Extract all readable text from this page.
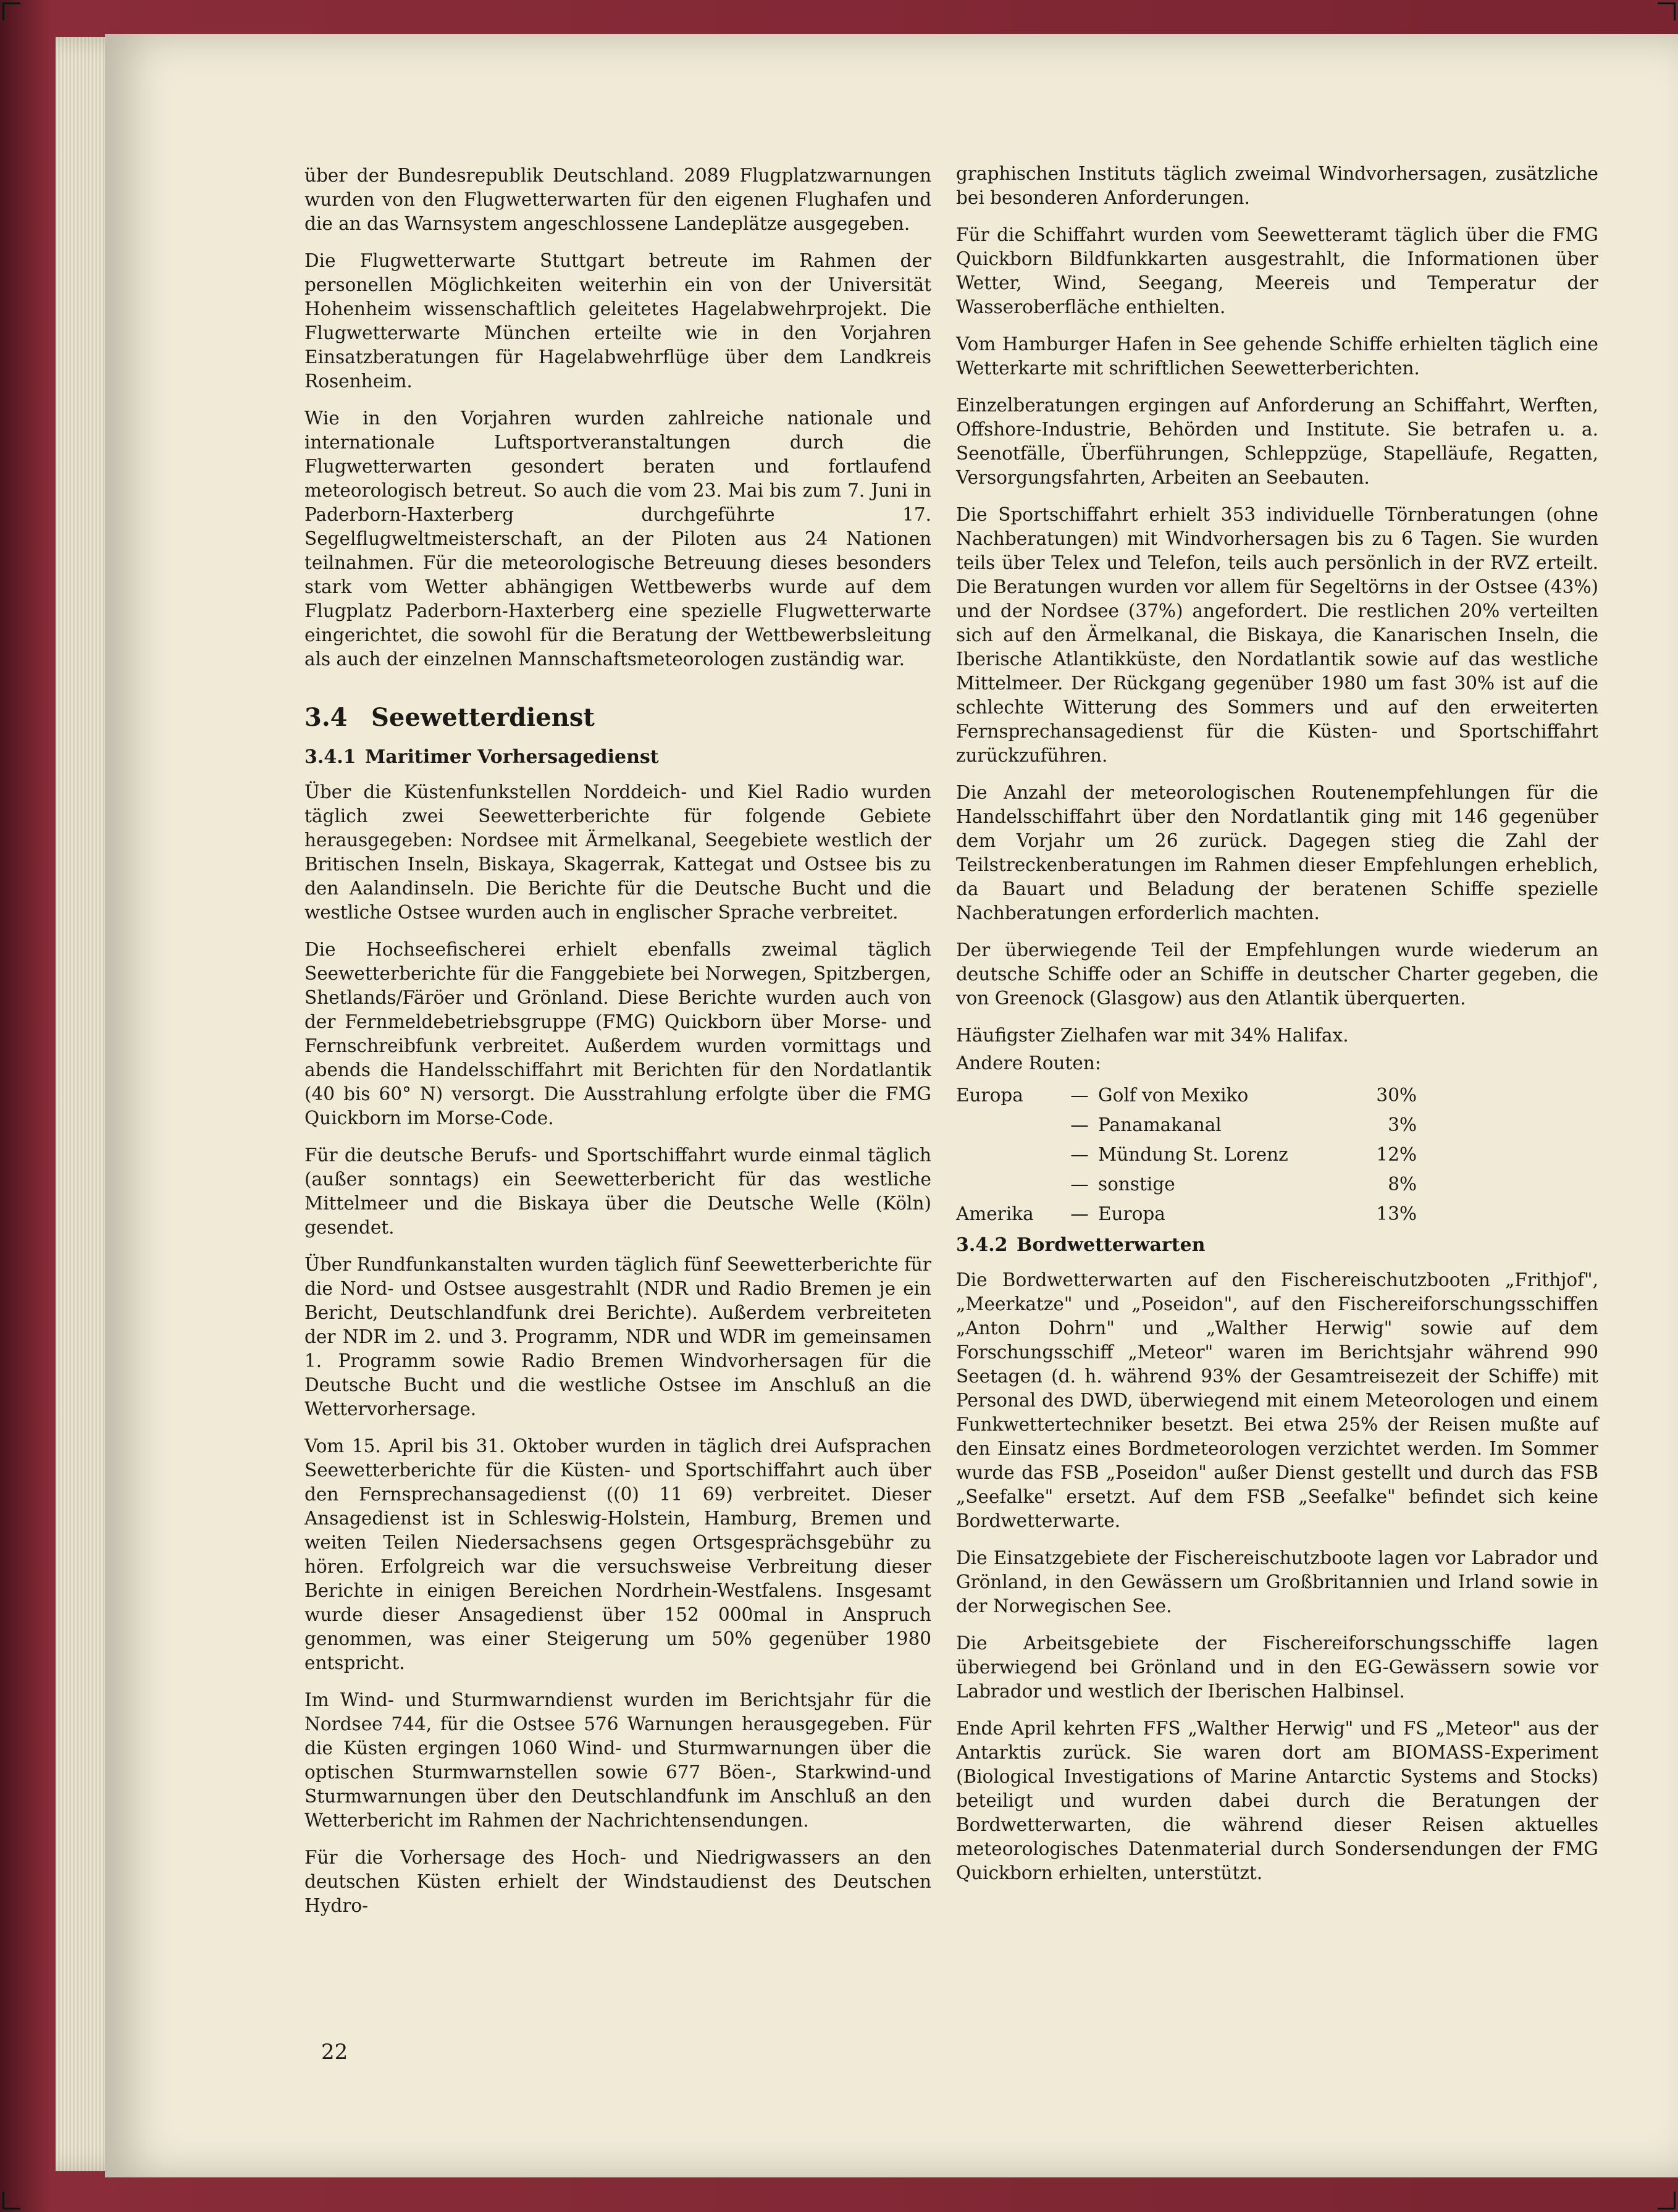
über der Bundesrepublik Deutschland. 2089 Flugplatzwarnungen wurden von den Flugwetterwarten für den eigenen Flughafen und die an das Warnsystem angeschlossene Landeplätze ausgegeben.

Die Flugwetterwarte Stuttgart betreute im Rahmen der personellen Möglichkeiten weiterhin ein von der Universität Hohenheim wissenschaftlich geleitetes Hagelabwehrprojekt. Die Flugwetterwarte München erteilte wie in den Vorjahren Einsatzberatungen für Hagelabwehrflüge über dem Landkreis Rosenheim.

Wie in den Vorjahren wurden zahlreiche nationale und internationale Luftsportveranstaltungen durch die Flugwetterwarten gesondert beraten und fortlaufend meteorologisch betreut. So auch die vom 23. Mai bis zum 7. Juni in Paderborn-Haxterberg durchgeführte 17. Segelflugweltmeisterschaft, an der Piloten aus 24 Nationen teilnahmen. Für die meteorologische Betreuung dieses besonders stark vom Wetter abhängigen Wettbewerbs wurde auf dem Flugplatz Paderborn-Haxterberg eine spezielle Flugwetterwarte eingerichtet, die sowohl für die Beratung der Wettbewerbsleitung als auch der einzelnen Mannschaftsmeteorologen zuständig war.

3.4 Seewetterdienst
3.4.1 Maritimer Vorhersagedienst

Über die Küstenfunkstellen Norddeich- und Kiel Radio wurden täglich zwei Seewetterberichte für folgende Gebiete herausgegeben: Nordsee mit Ärmelkanal, Seegebiete westlich der Britischen Inseln, Biskaya, Skagerrak, Kattegat und Ostsee bis zu den Aalandinseln. Die Berichte für die Deutsche Bucht und die westliche Ostsee wurden auch in englischer Sprache verbreitet.

Die Hochseefischerei erhielt ebenfalls zweimal täglich Seewetterberichte für die Fanggebiete bei Norwegen, Spitzbergen, Shetlands/Färöer und Grönland. Diese Berichte wurden auch von der Fernmeldebetriebsgruppe (FMG) Quickborn über Morse- und Fernschreibfunk verbreitet. Außerdem wurden vormittags und abends die Handelsschiffahrt mit Berichten für den Nordatlantik (40 bis 60° N) versorgt. Die Ausstrahlung erfolgte über die FMG Quickborn im Morse-Code.

Für die deutsche Berufs- und Sportschiffahrt wurde einmal täglich (außer sonntags) ein Seewetterbericht für das westliche Mittelmeer und die Biskaya über die Deutsche Welle (Köln) gesendet.

Über Rundfunkanstalten wurden täglich fünf Seewetterberichte für die Nord- und Ostsee ausgestrahlt (NDR und Radio Bremen je ein Bericht, Deutschlandfunk drei Berichte). Außerdem verbreiteten der NDR im 2. und 3. Programm, NDR und WDR im gemeinsamen 1. Programm sowie Radio Bremen Windvorhersagen für die Deutsche Bucht und die westliche Ostsee im Anschluß an die Wettervorhersage.

Vom 15. April bis 31. Oktober wurden in täglich drei Aufsprachen Seewetterberichte für die Küsten- und Sportschiffahrt auch über den Fernsprechansagedienst ((0) 11 69) verbreitet. Dieser Ansagedienst ist in Schleswig-Holstein, Hamburg, Bremen und weiten Teilen Niedersachsens gegen Ortsgesprächsgebühr zu hören. Erfolgreich war die versuchsweise Verbreitung dieser Berichte in einigen Bereichen Nordrhein-Westfalens. Insgesamt wurde dieser Ansagedienst über 152 000mal in Anspruch genommen, was einer Steigerung um 50% gegenüber 1980 entspricht.

Im Wind- und Sturmwarndienst wurden im Berichtsjahr für die Nordsee 744, für die Ostsee 576 Warnungen herausgegeben. Für die Küsten ergingen 1060 Wind- und Sturmwarnungen über die optischen Sturmwarnstellen sowie 677 Böen-, Starkwind-und Sturmwarnungen über den Deutschlandfunk im Anschluß an den Wetterbericht im Rahmen der Nachrichtensendungen.

Für die Vorhersage des Hoch- und Niedrigwassers an den deutschen Küsten erhielt der Windstaudienst des Deutschen Hydro-

graphischen Instituts täglich zweimal Windvorhersagen, zusätzliche bei besonderen Anforderungen.

Für die Schiffahrt wurden vom Seewetteramt täglich über die FMG Quickborn Bildfunkkarten ausgestrahlt, die Informationen über Wetter, Wind, Seegang, Meereis und Temperatur der Wasseroberfläche enthielten.

Vom Hamburger Hafen in See gehende Schiffe erhielten täglich eine Wetterkarte mit schriftlichen Seewetterberichten.

Einzelberatungen ergingen auf Anforderung an Schiffahrt, Werften, Offshore-Industrie, Behörden und Institute. Sie betrafen u. a. Seenotfälle, Überführungen, Schleppzüge, Stapelläufe, Regatten, Versorgungsfahrten, Arbeiten an Seebauten.

Die Sportschiffahrt erhielt 353 individuelle Törnberatungen (ohne Nachberatungen) mit Windvorhersagen bis zu 6 Tagen. Sie wurden teils über Telex und Telefon, teils auch persönlich in der RVZ erteilt. Die Beratungen wurden vor allem für Segeltörns in der Ostsee (43%) und der Nordsee (37%) angefordert. Die restlichen 20% verteilten sich auf den Ärmelkanal, die Biskaya, die Kanarischen Inseln, die Iberische Atlantikküste, den Nordatlantik sowie auf das westliche Mittelmeer. Der Rückgang gegenüber 1980 um fast 30% ist auf die schlechte Witterung des Sommers und auf den erweiterten Fernsprechansagedienst für die Küsten- und Sportschiffahrt zurückzuführen.

Die Anzahl der meteorologischen Routenempfehlungen für die Handelsschiffahrt über den Nordatlantik ging mit 146 gegenüber dem Vorjahr um 26 zurück. Dagegen stieg die Zahl der Teilstreckenberatungen im Rahmen dieser Empfehlungen erheblich, da Bauart und Beladung der beratenen Schiffe spezielle Nachberatungen erforderlich machten.

Der überwiegende Teil der Empfehlungen wurde wiederum an deutsche Schiffe oder an Schiffe in deutscher Charter gegeben, die von Greenock (Glasgow) aus den Atlantik überquerten.

Häufigster Zielhafen war mit 34% Halifax.

Andere Routen:

Europa	— Golf von Mexiko	30%
— Panamakanal	3%
— Mündung St. Lorenz	12%
— sonstige	8%
Amerika	— Europa	13%
3.4.2 Bordwetterwarten

Die Bordwetterwarten auf den Fischereischutzbooten „Frithjof", „Meerkatze" und „Poseidon", auf den Fischereiforschungsschiffen „Anton Dohrn" und „Walther Herwig" sowie auf dem Forschungsschiff „Meteor" waren im Berichtsjahr während 990 Seetagen (d. h. während 93% der Gesamtreisezeit der Schiffe) mit Personal des DWD, überwiegend mit einem Meteorologen und einem Funkwettertechniker besetzt. Bei etwa 25% der Reisen mußte auf den Einsatz eines Bordmeteorologen verzichtet werden. Im Sommer wurde das FSB „Poseidon" außer Dienst gestellt und durch das FSB „Seefalke" ersetzt. Auf dem FSB „Seefalke" befindet sich keine Bordwetterwarte.

Die Einsatzgebiete der Fischereischutzboote lagen vor Labrador und Grönland, in den Gewässern um Großbritannien und Irland sowie in der Norwegischen See.

Die Arbeitsgebiete der Fischereiforschungsschiffe lagen überwiegend bei Grönland und in den EG-Gewässern sowie vor Labrador und westlich der Iberischen Halbinsel.

Ende April kehrten FFS „Walther Herwig" und FS „Meteor" aus der Antarktis zurück. Sie waren dort am BIOMASS-Experiment (Biological Investigations of Marine Antarctic Systems and Stocks) beteiligt und wurden dabei durch die Beratungen der Bordwetterwarten, die während dieser Reisen aktuelles meteorologisches Datenmaterial durch Sondersendungen der FMG Quickborn erhielten, unterstützt.

22
